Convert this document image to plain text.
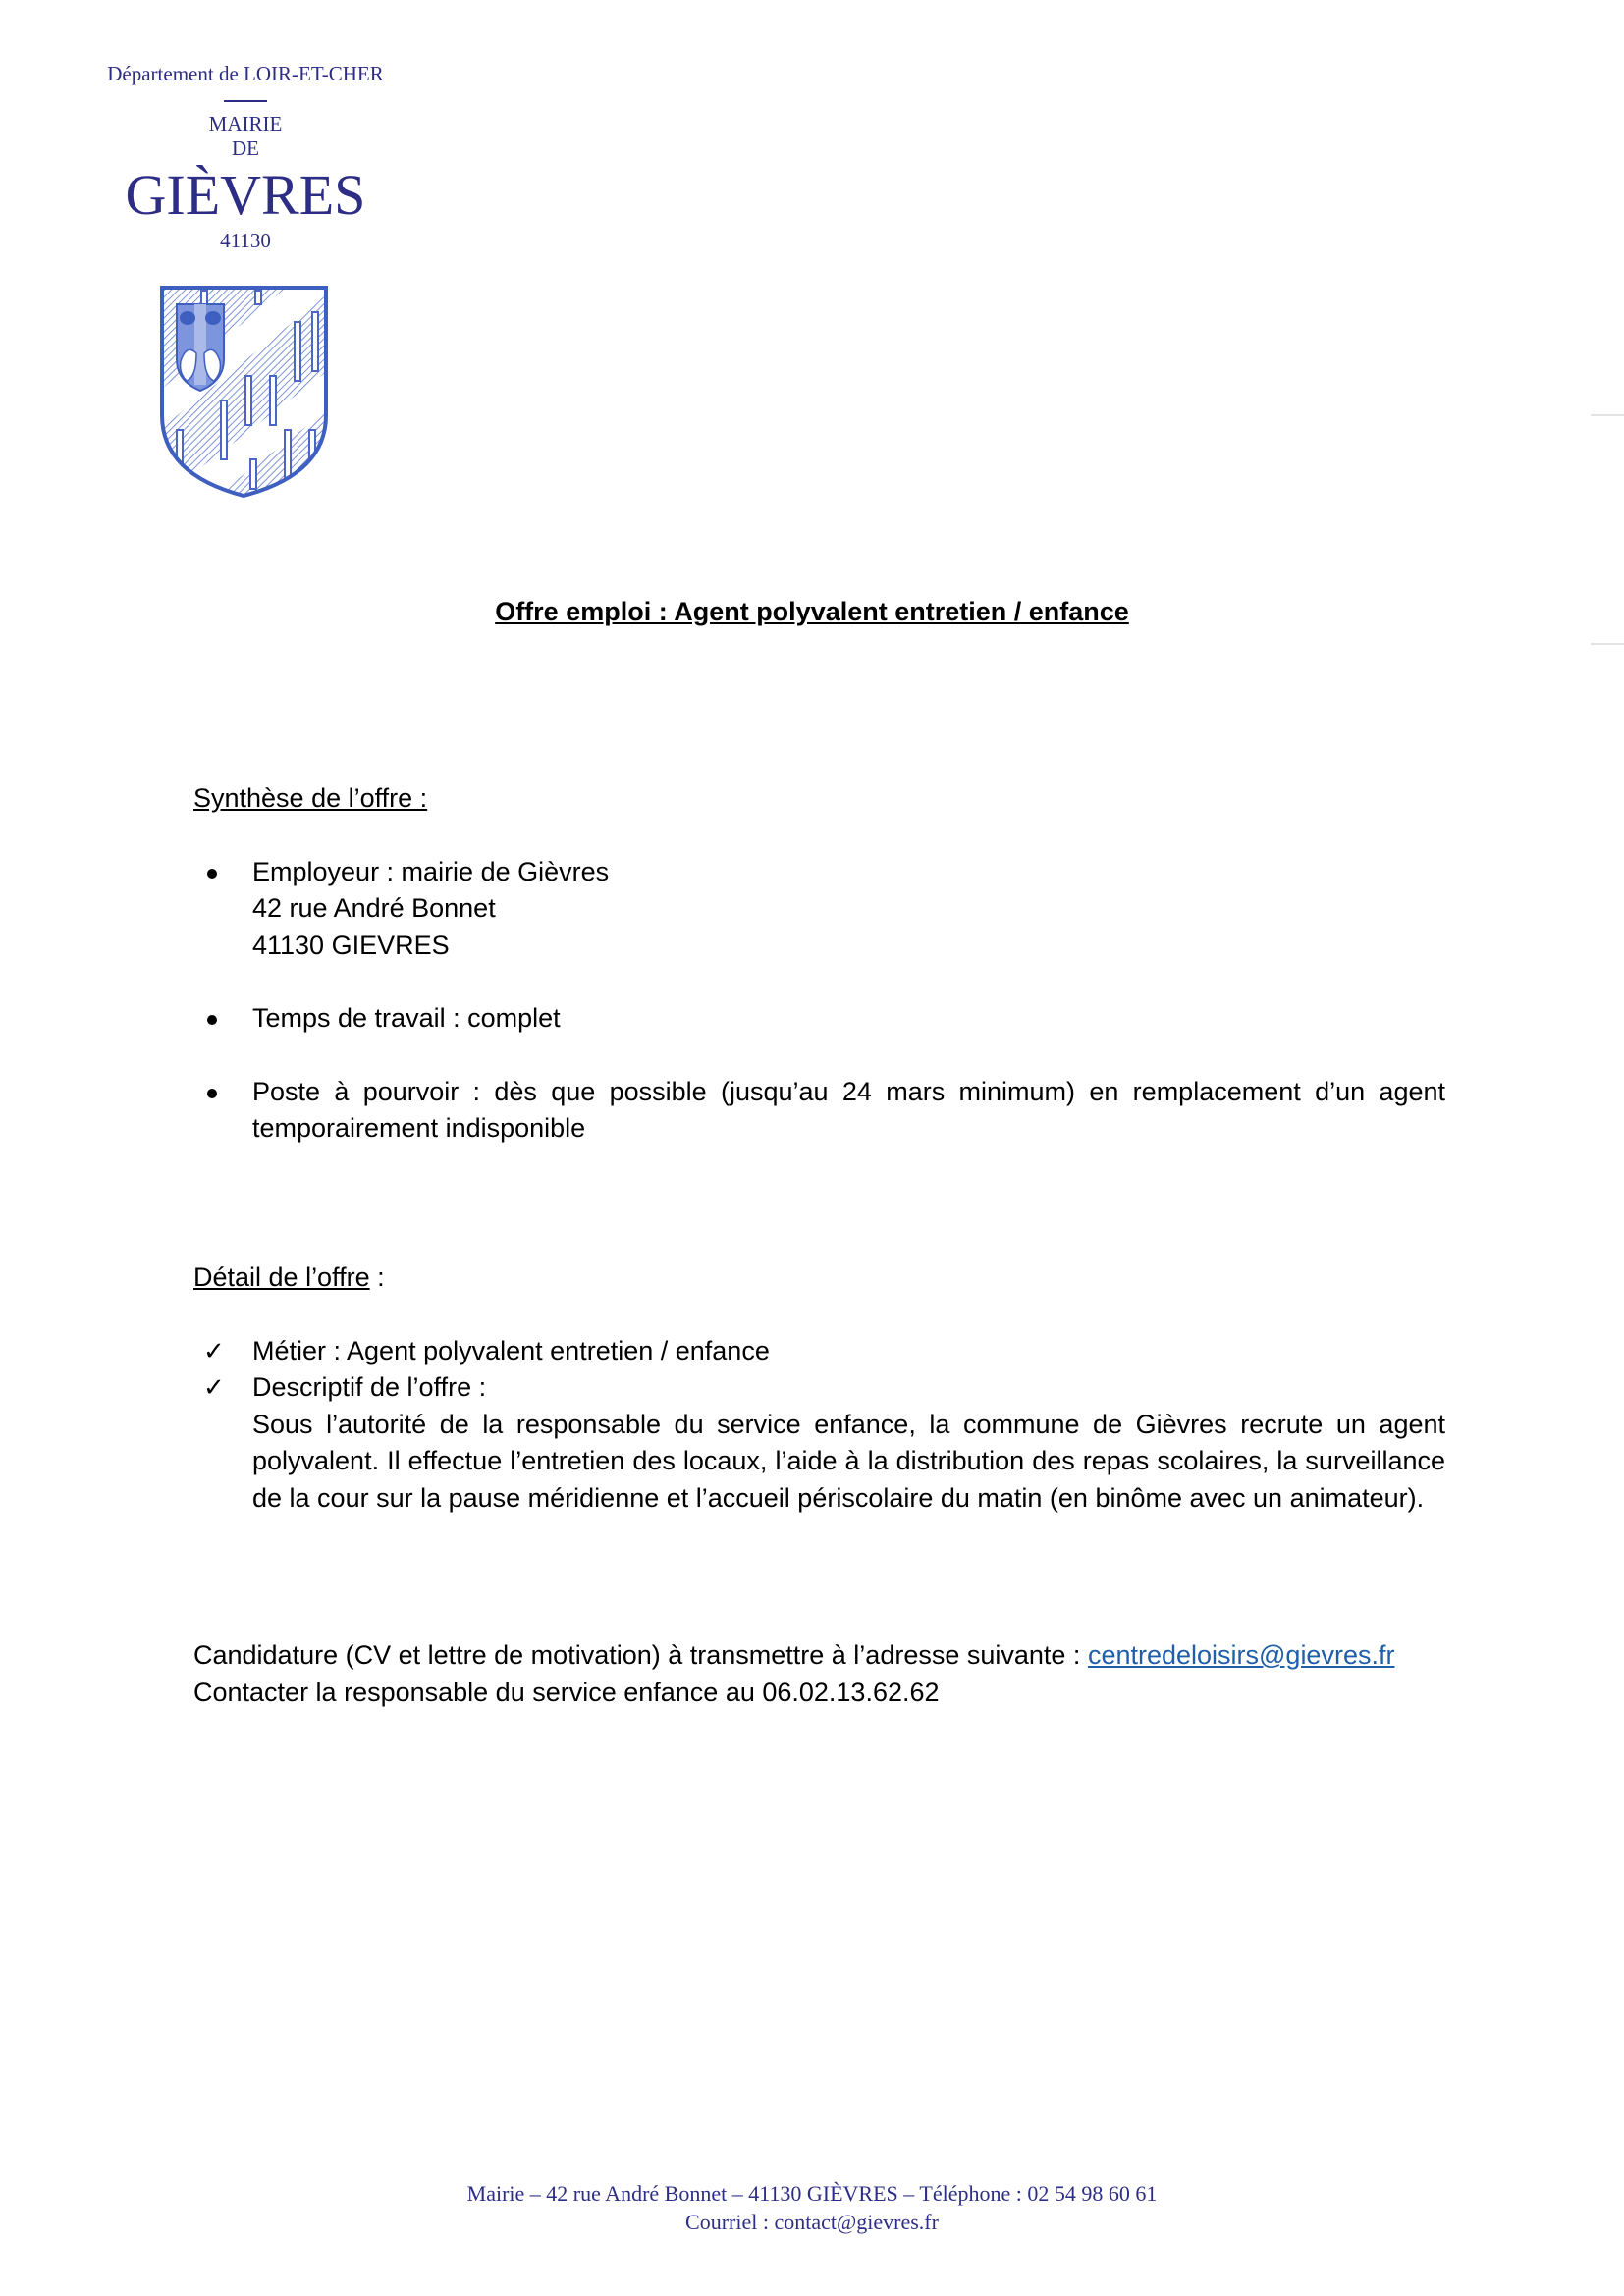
Département de LOIR-ET-CHER
MAIRIE
DE
GIÈVRES
41130
Offre emploi : Agent polyvalent entretien / enfance
Synthèse de l’offre :
Employeur : mairie de Gièvres
42 rue André Bonnet
41130 GIEVRES
Temps de travail : complet
Poste à pourvoir : dès que possible (jusqu’au 24 mars minimum) en remplacement d’un agent temporairement indisponible
Détail de l’offre :
✓ Métier : Agent polyvalent entretien / enfance
✓ Descriptif de l’offre :
Sous l’autorité de la responsable du service enfance, la commune de Gièvres recrute un agent polyvalent. Il effectue l’entretien des locaux, l’aide à la distribution des repas scolaires, la surveillance de la cour sur la pause méridienne et l’accueil périscolaire du matin (en binôme avec un animateur).
Candidature (CV et lettre de motivation) à transmettre à l’adresse suivante : centredeloisirs@gievres.fr
Contacter la responsable du service enfance au 06.02.13.62.62
Mairie – 42 rue André Bonnet – 41130 GIÈVRES – Téléphone : 02 54 98 60 61
Courriel : contact@gievres.fr
